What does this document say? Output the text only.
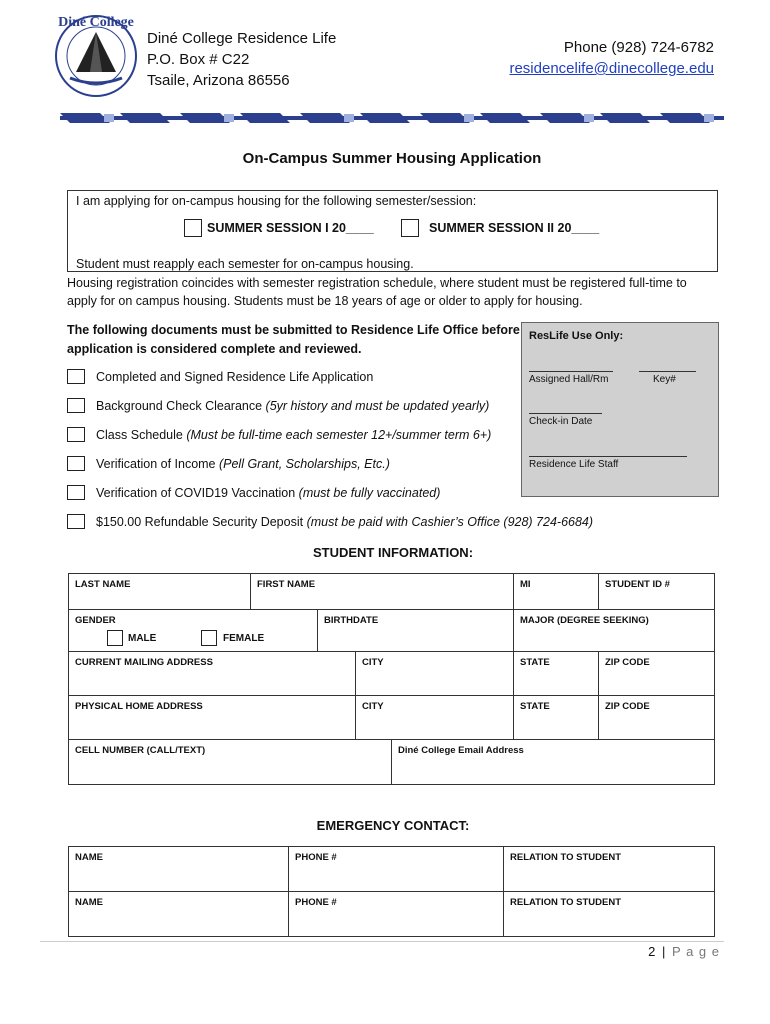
Diné College
Diné College Residence Life
P.O. Box # C22
Tsaile, Arizona 86556
Phone (928) 724-6782
residencelife@dinecollege.edu
On-Campus Summer Housing Application
I am applying for on-campus housing for the following semester/session:
SUMMER SESSION I 20____	SUMMER SESSION II 20____
Student must reapply each semester for on-campus housing.
Housing registration coincides with semester registration schedule, where student must be registered full-time to
apply for on campus housing. Students must be 18 years of age or older to apply for housing.
The following documents must be submitted to Residence Life Office before
application is considered complete and reviewed.
Completed and Signed Residence Life Application
Background Check Clearance (5yr history and must be updated yearly)
Class Schedule (Must be full-time each semester 12+/summer term 6+)
Verification of Income (Pell Grant, Scholarships, Etc.)
Verification of COVID19 Vaccination (must be fully vaccinated)
$150.00 Refundable Security Deposit (must be paid with Cashier’s Office (928) 724-6684)
ResLife Use Only:
Assigned Hall/Rm	Key#
Check-in Date
Residence Life Staff
STUDENT INFORMATION:
LAST NAME	FIRST NAME				MI	STUDENT ID #

GENDER
MALE FEMALE		BIRTHDATE			MAJOR (DEGREE SEEKING)	

CURRENT MAILING ADDRESS			CITY		STATE	ZIP CODE

PHYSICAL HOME ADDRESS			CITY		STATE	ZIP CODE

CELL NUMBER (CALL/TEXT)				Diné College Email Address		
EMERGENCY CONTACT:
NAME	PHONE #	RELATION TO STUDENT

NAME	PHONE #	RELATION TO STUDENT
2 | P a g e
